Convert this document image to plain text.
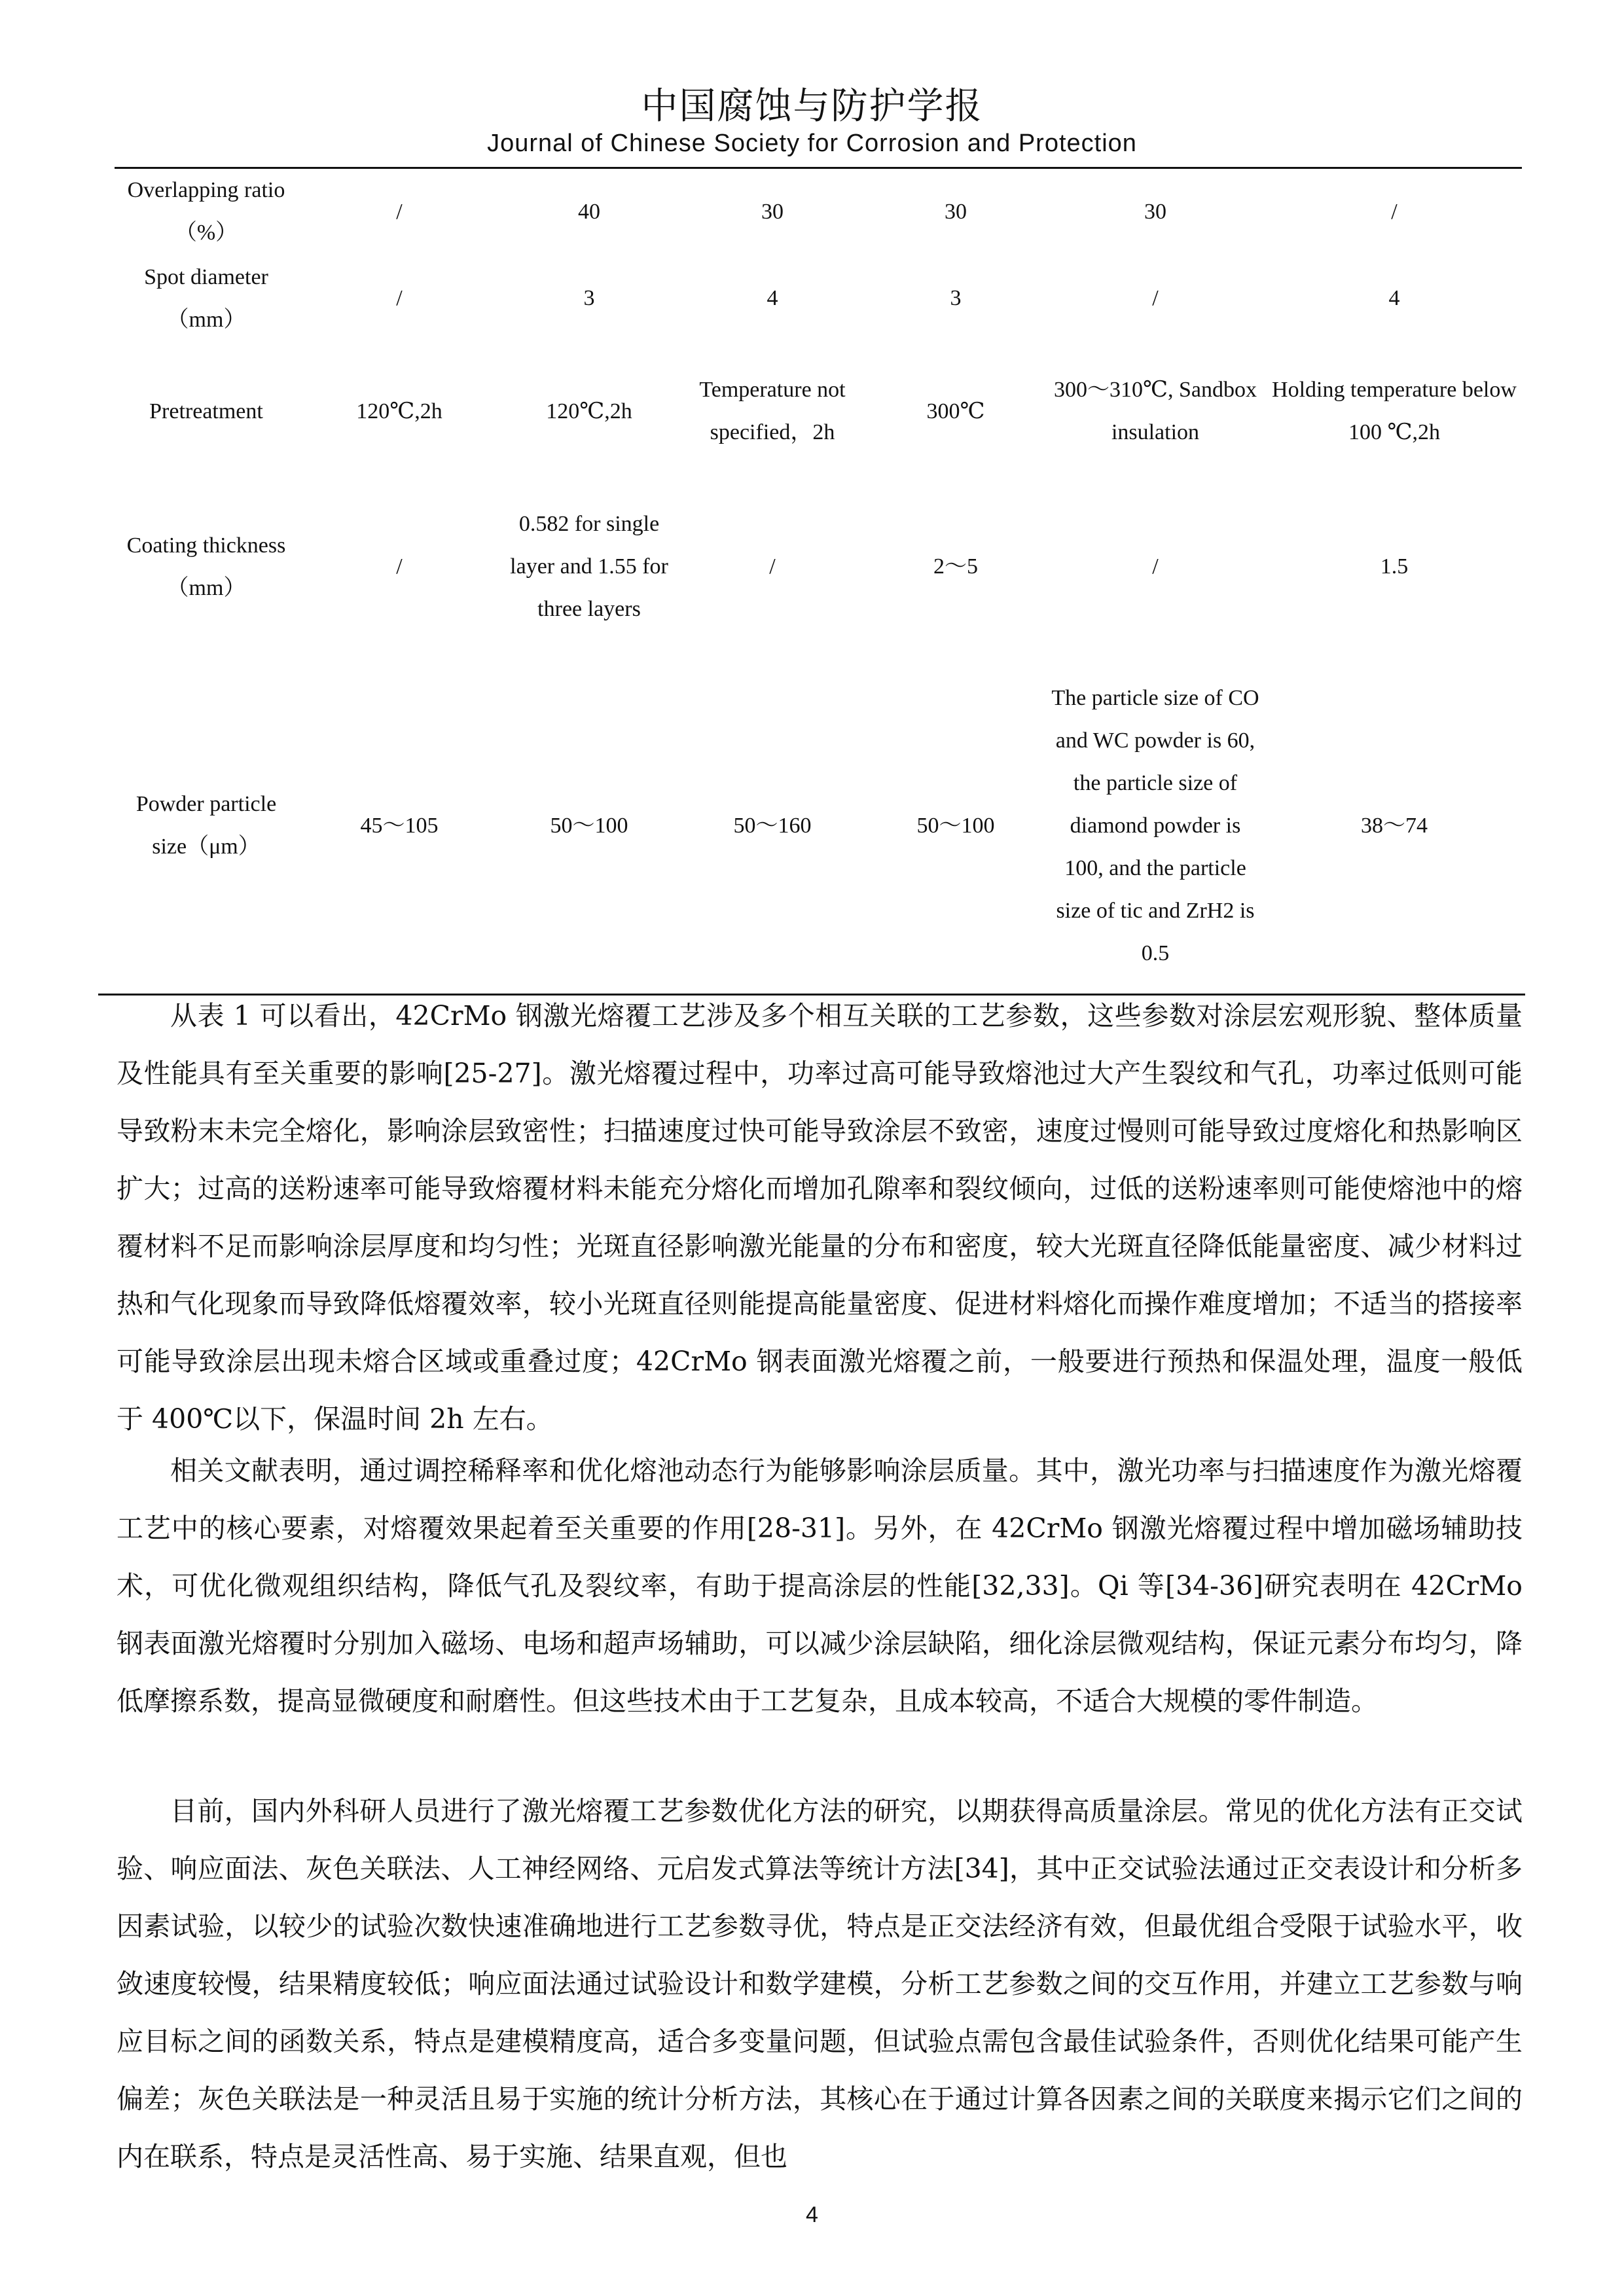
中国腐蚀与防护学报
Journal of Chinese Society for Corrosion and Protection
Overlapping ratio（%）	/	40	30	30	30	/
Spot diameter（mm）	/	3	4	3	/	4
Pretreatment	120℃,2h	120℃,2h	Temperature not specified，2h	300℃	300～310℃, Sandbox insulation	Holding temperature below 100 ℃,2h
Coating thickness（mm）	/	0.582 for single layer and 1.55 for three layers	/	2～5	/	1.5
Powder particle size（μm）	45～105	50～100	50～160	50～100	The particle size of CO and WC powder is 60, the particle size of diamond powder is 100, and the particle size of tic and ZrH2 is 0.5	38～74

从表 1 可以看出，42CrMo 钢激光熔覆工艺涉及多个相互关联的工艺参数，这些参数对涂层宏观形貌、整体质量及性能具有至关重要的影响[25-27]。激光熔覆过程中，功率过高可能导致熔池过大产生裂纹和气孔，功率过低则可能导致粉末未完全熔化，影响涂层致密性；扫描速度过快可能导致涂层不致密，速度过慢则可能导致过度熔化和热影响区扩大；过高的送粉速率可能导致熔覆材料未能充分熔化而增加孔隙率和裂纹倾向，过低的送粉速率则可能使熔池中的熔覆材料不足而影响涂层厚度和均匀性；光斑直径影响激光能量的分布和密度，较大光斑直径降低能量密度、减少材料过热和气化现象而导致降低熔覆效率，较小光斑直径则能提高能量密度、促进材料熔化而操作难度增加；不适当的搭接率可能导致涂层出现未熔合区域或重叠过度；42CrMo 钢表面激光熔覆之前，一般要进行预热和保温处理，温度一般低于 400℃以下，保温时间 2h 左右。

相关文献表明，通过调控稀释率和优化熔池动态行为能够影响涂层质量。其中，激光功率与扫描速度作为激光熔覆工艺中的核心要素，对熔覆效果起着至关重要的作用[28-31]。另外，在 42CrMo 钢激光熔覆过程中增加磁场辅助技术，可优化微观组织结构，降低气孔及裂纹率，有助于提高涂层的性能[32,33]。Qi 等[34-36]研究表明在 42CrMo 钢表面激光熔覆时分别加入磁场、电场和超声场辅助，可以减少涂层缺陷，细化涂层微观结构，保证元素分布均匀，降低摩擦系数，提高显微硬度和耐磨性。但这些技术由于工艺复杂，且成本较高，不适合大规模的零件制造。

目前，国内外科研人员进行了激光熔覆工艺参数优化方法的研究，以期获得高质量涂层。常见的优化方法有正交试验、响应面法、灰色关联法、人工神经网络、元启发式算法等统计方法[34]，其中正交试验法通过正交表设计和分析多因素试验，以较少的试验次数快速准确地进行工艺参数寻优，特点是正交法经济有效，但最优组合受限于试验水平，收敛速度较慢，结果精度较低；响应面法通过试验设计和数学建模，分析工艺参数之间的交互作用，并建立工艺参数与响应目标之间的函数关系，特点是建模精度高，适合多变量问题，但试验点需包含最佳试验条件，否则优化结果可能产生偏差；灰色关联法是一种灵活且易于实施的统计分析方法，其核心在于通过计算各因素之间的关联度来揭示它们之间的内在联系，特点是灵活性高、易于实施、结果直观，但也

4
